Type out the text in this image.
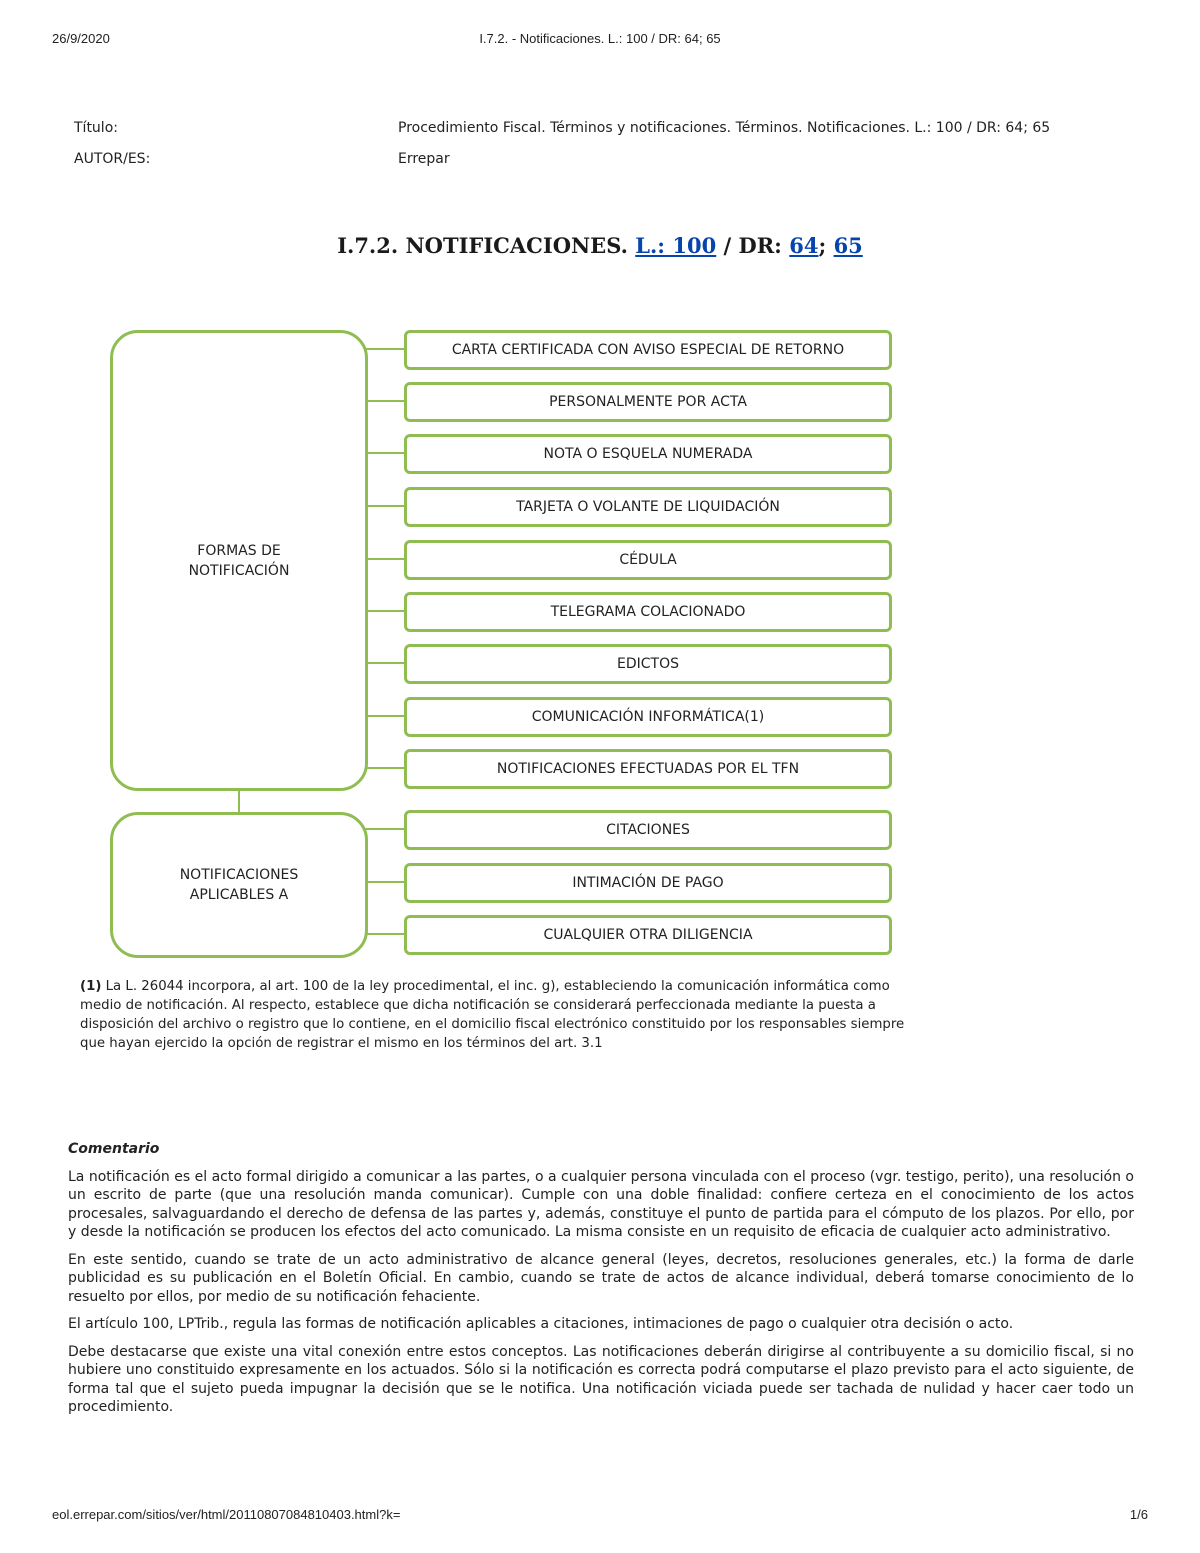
26/9/2020	I.7.2. - Notificaciones. L.: 100 / DR: 64; 65
Título:	Procedimiento Fiscal. Términos y notificaciones. Términos. Notificaciones. L.: 100 / DR: 64; 65
AUTOR/ES:	Errepar
I.7.2. NOTIFICACIONES. L.: 100 / DR: 64; 65
FORMAS DE NOTIFICACIÓN
CARTA CERTIFICADA CON AVISO ESPECIAL DE RETORNO
PERSONALMENTE POR ACTA
NOTA O ESQUELA NUMERADA
TARJETA O VOLANTE DE LIQUIDACIÓN
CÉDULA
TELEGRAMA COLACIONADO
EDICTOS
COMUNICACIÓN INFORMÁTICA(1)
NOTIFICACIONES EFECTUADAS POR EL TFN
NOTIFICACIONES APLICABLES A
CITACIONES
INTIMACIÓN DE PAGO
CUALQUIER OTRA DILIGENCIA
(1) La L. 26044 incorpora, al art. 100 de la ley procedimental, el inc. g), estableciendo la comunicación informática como medio de notificación. Al respecto, establece que dicha notificación se considerará perfeccionada mediante la puesta a disposición del archivo o registro que lo contiene, en el domicilio fiscal electrónico constituido por los responsables siempre que hayan ejercido la opción de registrar el mismo en los términos del art. 3.1
Comentario

La notificación es el acto formal dirigido a comunicar a las partes, o a cualquier persona vinculada con el proceso (vgr. testigo, perito), una resolución o un escrito de parte (que una resolución manda comunicar). Cumple con una doble finalidad: confiere certeza en el conocimiento de los actos procesales, salvaguardando el derecho de defensa de las partes y, además, constituye el punto de partida para el cómputo de los plazos. Por ello, por y desde la notificación se producen los efectos del acto comunicado. La misma consiste en un requisito de eficacia de cualquier acto administrativo.

En este sentido, cuando se trate de un acto administrativo de alcance general (leyes, decretos, resoluciones generales, etc.) la forma de darle publicidad es su publicación en el Boletín Oficial. En cambio, cuando se trate de actos de alcance individual, deberá tomarse conocimiento de lo resuelto por ellos, por medio de su notificación fehaciente.

El artículo 100, LPTrib., regula las formas de notificación aplicables a citaciones, intimaciones de pago o cualquier otra decisión o acto.

Debe destacarse que existe una vital conexión entre estos conceptos. Las notificaciones deberán dirigirse al contribuyente a su domicilio fiscal, si no hubiere uno constituido expresamente en los actuados. Sólo si la notificación es correcta podrá computarse el plazo previsto para el acto siguiente, de forma tal que el sujeto pueda impugnar la decisión que se le notifica. Una notificación viciada puede ser tachada de nulidad y hacer caer todo un procedimiento.

eol.errepar.com/sitios/ver/html/20110807084810403.html?k=	1/6
